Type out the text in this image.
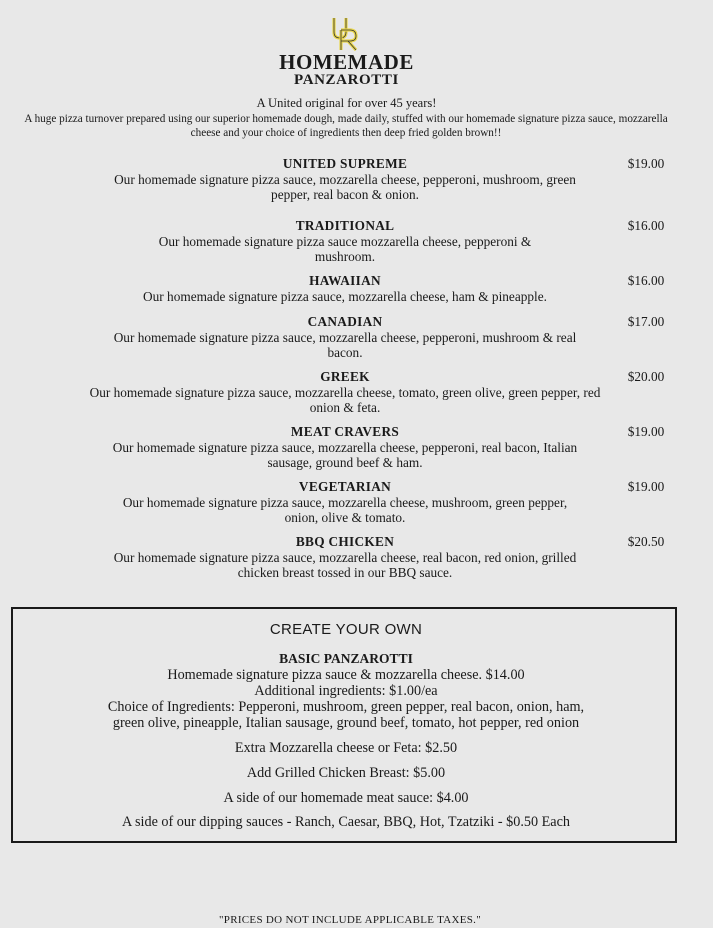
HOMEMADE
PANZAROTTI
A United original for over 45 years!
A huge pizza turnover prepared using our superior homemade dough, made daily, stuffed with our homemade signature pizza sauce, mozzarella cheese and your choice of ingredients then deep fried golden brown!!
UNITED SUPREME	$19.00
Our homemade signature pizza sauce, mozzarella cheese, pepperoni, mushroom, green pepper, real bacon & onion.
TRADITIONAL	$16.00
Our homemade signature pizza sauce mozzarella cheese, pepperoni & mushroom.
HAWAIIAN	$16.00
Our homemade signature pizza sauce, mozzarella cheese, ham & pineapple.
CANADIAN	$17.00
Our homemade signature pizza sauce, mozzarella cheese, pepperoni, mushroom & real bacon.
GREEK	$20.00
Our homemade signature pizza sauce, mozzarella cheese, tomato, green olive, green pepper, red onion & feta.
MEAT CRAVERS	$19.00
Our homemade signature pizza sauce, mozzarella cheese, pepperoni, real bacon, Italian sausage, ground beef & ham.
VEGETARIAN	$19.00
Our homemade signature pizza sauce, mozzarella cheese, mushroom, green pepper, onion, olive & tomato.
BBQ CHICKEN	$20.50
Our homemade signature pizza sauce, mozzarella cheese, real bacon, red onion, grilled chicken breast tossed in our BBQ sauce.
CREATE YOUR OWN
BASIC PANZAROTTI
Homemade signature pizza sauce & mozzarella cheese. $14.00
Additional ingredients: $1.00/ea
Choice of Ingredients: Pepperoni, mushroom, green pepper, real bacon, onion, ham,
green olive, pineapple, Italian sausage, ground beef, tomato, hot pepper, red onion
Extra Mozzarella cheese or Feta: $2.50
Add Grilled Chicken Breast: $5.00
A side of our homemade meat sauce: $4.00
A side of our dipping sauces - Ranch, Caesar, BBQ, Hot, Tzatziki - $0.50 Each
"PRICES DO NOT INCLUDE APPLICABLE TAXES."
